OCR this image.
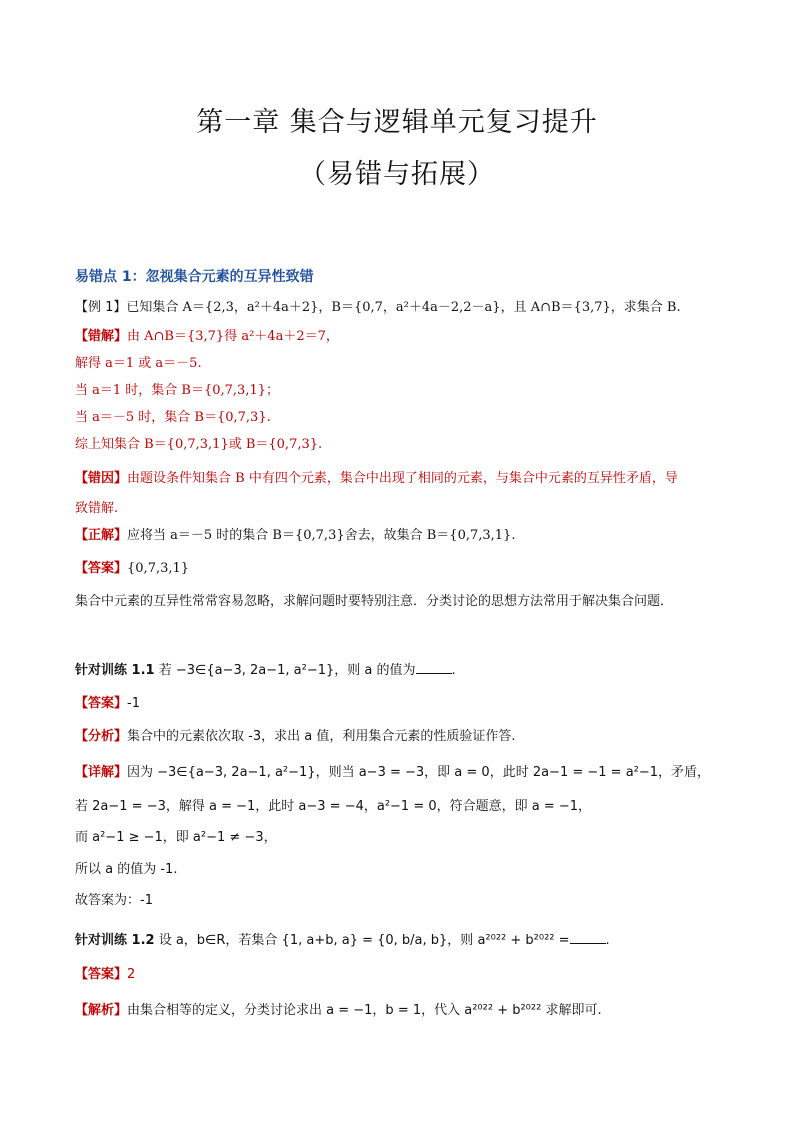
第一章 集合与逻辑单元复习提升
（易错与拓展）
易错点 1：忽视集合元素的互异性致错
【例 1】已知集合 A＝{2,3，a²＋4a＋2}，B＝{0,7，a²＋4a－2,2－a}，且 A∩B＝{3,7}，求集合 B.
【错解】由 A∩B＝{3,7}得 a²＋4a＋2＝7，
解得 a＝1 或 a＝－5.
当 a＝1 时，集合 B＝{0,7,3,1}；
当 a＝－5 时，集合 B＝{0,7,3}.
综上知集合 B＝{0,7,3,1}或 B＝{0,7,3}.
【错因】由题设条件知集合 B 中有四个元素，集合中出现了相同的元素，与集合中元素的互异性矛盾，导
致错解.
【正解】应将当 a＝－5 时的集合 B＝{0,7,3}舍去，故集合 B＝{0,7,3,1}.
【答案】{0,7,3,1}
集合中元素的互异性常常容易忽略，求解问题时要特别注意．分类讨论的思想方法常用于解决集合问题．
针对训练 1.1 若 −3∈{a−3, 2a−1, a²−1}，则 a 的值为	.
【答案】-1
【分析】集合中的元素依次取 -3，求出 a 值，利用集合元素的性质验证作答.
【详解】因为 −3∈{a−3, 2a−1, a²−1}，则当 a−3 = −3，即 a = 0，此时 2a−1 = −1 = a²−1，矛盾，
若 2a−1 = −3，解得 a = −1，此时 a−3 = −4，a²−1 = 0，符合题意，即 a = −1，
而 a²−1 ≥ −1，即 a²−1 ≠ −3，
所以 a 的值为 -1.
故答案为：-1
针对训练 1.2 设 a，b∈R，若集合 {1, a+b, a} = {0, b/a, b}，则 a²⁰²² + b²⁰²² =	.
【答案】2
【解析】由集合相等的定义，分类讨论求出 a = −1，b = 1，代入 a²⁰²² + b²⁰²² 求解即可.
